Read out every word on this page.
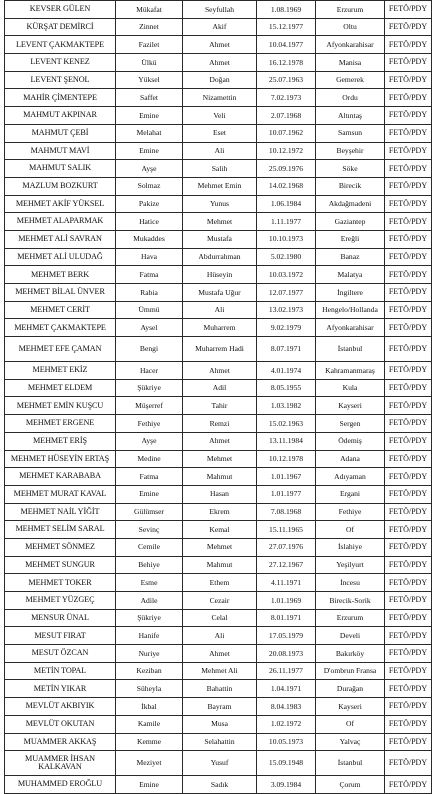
KEVSER GÜLEN	Mükafat	Seyfullah	1.08.1969	Erzurum	FETÖ/PDY
KÜRŞAT DEMİRCİ	Zinnet	Akif	15.12.1977	Oltu	FETÖ/PDY
LEVENT ÇAKMAKTEPE	Fazilet	Ahmet	10.04.1977	Afyonkarahisar	FETÖ/PDY
LEVENT KENEZ	Ülkü	Ahmet	16.12.1978	Manisa	FETÖ/PDY
LEVENT ŞENOL	Yüksel	Doğan	25.07.1963	Gemerek	FETÖ/PDY
MAHİR ÇİMENTEPE	Saffet	Nizamettin	7.02.1973	Ordu	FETÖ/PDY
MAHMUT AKPINAR	Emine	Veli	2.07.1968	Altıntaş	FETÖ/PDY
MAHMUT ÇEBİ	Melahat	Eset	10.07.1962	Samsun	FETÖ/PDY
MAHMUT MAVİ	Emine	Ali	10.12.1972	Beyşehir	FETÖ/PDY
MAHMUT SALIK	Ayşe	Salih	25.09.1976	Söke	FETÖ/PDY
MAZLUM BOZKURT	Solmaz	Mehmet Emin	14.02.1968	Birecik	FETÖ/PDY
MEHMET AKİF YÜKSEL	Pakize	Yunus	1.06.1984	Akdağmadeni	FETÖ/PDY
MEHMET ALAPARMAK	Hatice	Mehmet	1.11.1977	Gaziantep	FETÖ/PDY
MEHMET ALİ SAVRAN	Mukaddes	Mustafa	10.10.1973	Ereğli	FETÖ/PDY
MEHMET ALİ ULUDAĞ	Hava	Abdurrahman	5.02.1980	Banaz	FETÖ/PDY
MEHMET BERK	Fatma	Hüseyin	10.03.1972	Malatya	FETÖ/PDY
MEHMET BİLAL ÜNVER	Rabia	Mustafa Uğur	12.07.1977	İngiltere	FETÖ/PDY
MEHMET CERİT	Ümmü	Ali	13.02.1973	Hengelo/Hollanda	FETÖ/PDY
MEHMET ÇAKMAKTEPE	Aysel	Muharrem	9.02.1979	Afyonkarahisar	FETÖ/PDY

MEHMET EFE ÇAMAN	Bengi	Muharrem Hadi	8.07.1971	İstanbul	FETÖ/PDY
MEHMET EKİZ	Hacer	Ahmet	4.01.1974	Kahramanmaraş	FETÖ/PDY
MEHMET ELDEM	Şükriye	Adil	8.05.1955	Kula	FETÖ/PDY
MEHMET EMİN KUŞCU	Müşerref	Tahir	1.03.1982	Kayseri	FETÖ/PDY
MEHMET ERGENE	Fethiye	Remzi	15.02.1963	Sergen	FETÖ/PDY
MEHMET ERİŞ	Ayşe	Ahmet	13.11.1984	Ödemiş	FETÖ/PDY
MEHMET HÜSEYİN ERTAŞ	Medine	Mehmet	10.12.1978	Adana	FETÖ/PDY
MEHMET KARABABA	Fatma	Mahmut	1.01.1967	Adıyaman	FETÖ/PDY
MEHMET MURAT KAVAL	Emine	Hasan	1.01.1977	Ergani	FETÖ/PDY
MEHMET NAİL YİĞİT	Gülümser	Ekrem	7.08.1968	Fethiye	FETÖ/PDY
MEHMET SELİM SARAL	Sevinç	Kemal	15.11.1965	Of	FETÖ/PDY
MEHMET SÖNMEZ	Cemile	Mehmet	27.07.1976	İslahiye	FETÖ/PDY
MEHMET SUNGUR	Behiye	Mahmut	27.12.1967	Yeşilyurt	FETÖ/PDY
MEHMET TOKER	Esme	Ethem	4.11.1971	İncesu	FETÖ/PDY
MEHMET YÜZGEÇ	Adile	Cezair	1.01.1969	Birecik-Sorik	FETÖ/PDY
MENSUR ÜNAL	Şükriye	Celal	8.01.1971	Erzurum	FETÖ/PDY
MESUT FIRAT	Hanife	Ali	17.05.1979	Develi	FETÖ/PDY
MESUT ÖZCAN	Nuriye	Ahmet	20.08.1973	Bakırköy	FETÖ/PDY
METİN TOPAL	Keziban	Mehmet Ali	26.11.1977	D'ombrun Fransa	FETÖ/PDY
METİN YIKAR	Süheyla	Bahattin	1.04.1971	Durağan	FETÖ/PDY
MEVLÜT AKBIYIK	İkbal	Bayram	8.04.1983	Kayseri	FETÖ/PDY
MEVLÜT OKUTAN	Kamile	Musa	1.02.1972	Of	FETÖ/PDY
MUAMMER AKKAŞ	Kemme	Selahattin	10.05.1973	Yalvaç	FETÖ/PDY

MUAMMER İHSAN KALKAVAN	Meziyet	Yusuf	15.09.1948	İstanbul	FETÖ/PDY
MUHAMMED EROĞLU	Emine	Sadık	3.09.1984	Çorum	FETÖ/PDY
